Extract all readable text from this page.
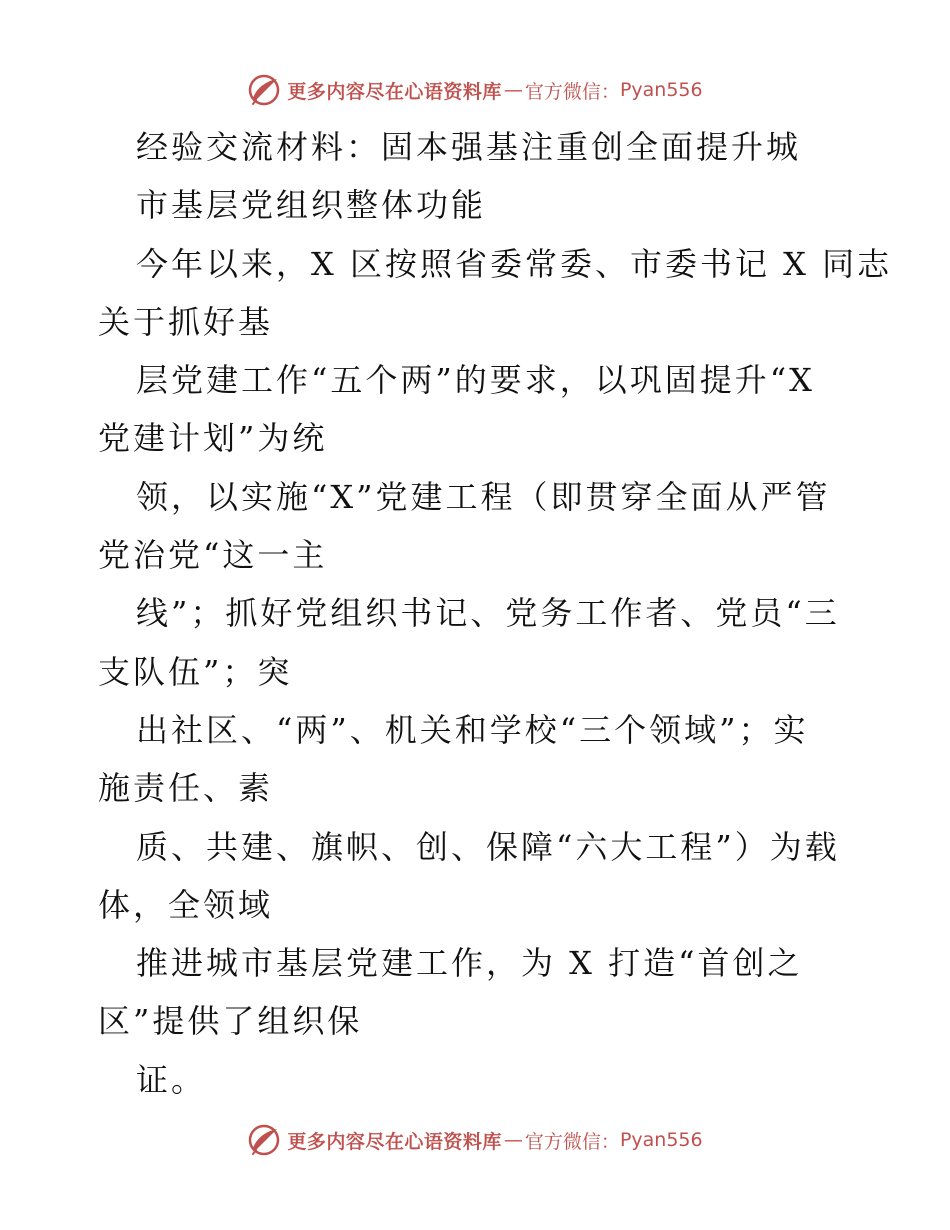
更多内容尽在心语资料库 — 官方微信： Pyan556
经验交流材料：固本强基注重创全面提升城
市基层党组织整体功能
今年以来，X 区按照省委常委、市委书记 X 同志
关于抓好基
层党建工作“五个两”的要求，以巩固提升“X
党建计划”为统
领，以实施“X”党建工程（即贯穿全面从严管
党治党“这一主
线”；抓好党组织书记、党务工作者、党员“三
支队伍”；突
出社区、“两”、机关和学校“三个领域”；实
施责任、素
质、共建、旗帜、创、保障“六大工程”）为载
体，全领域
推进城市基层党建工作，为 X 打造“首创之
区”提供了组织保
证。
更多内容尽在心语资料库 — 官方微信： Pyan556
